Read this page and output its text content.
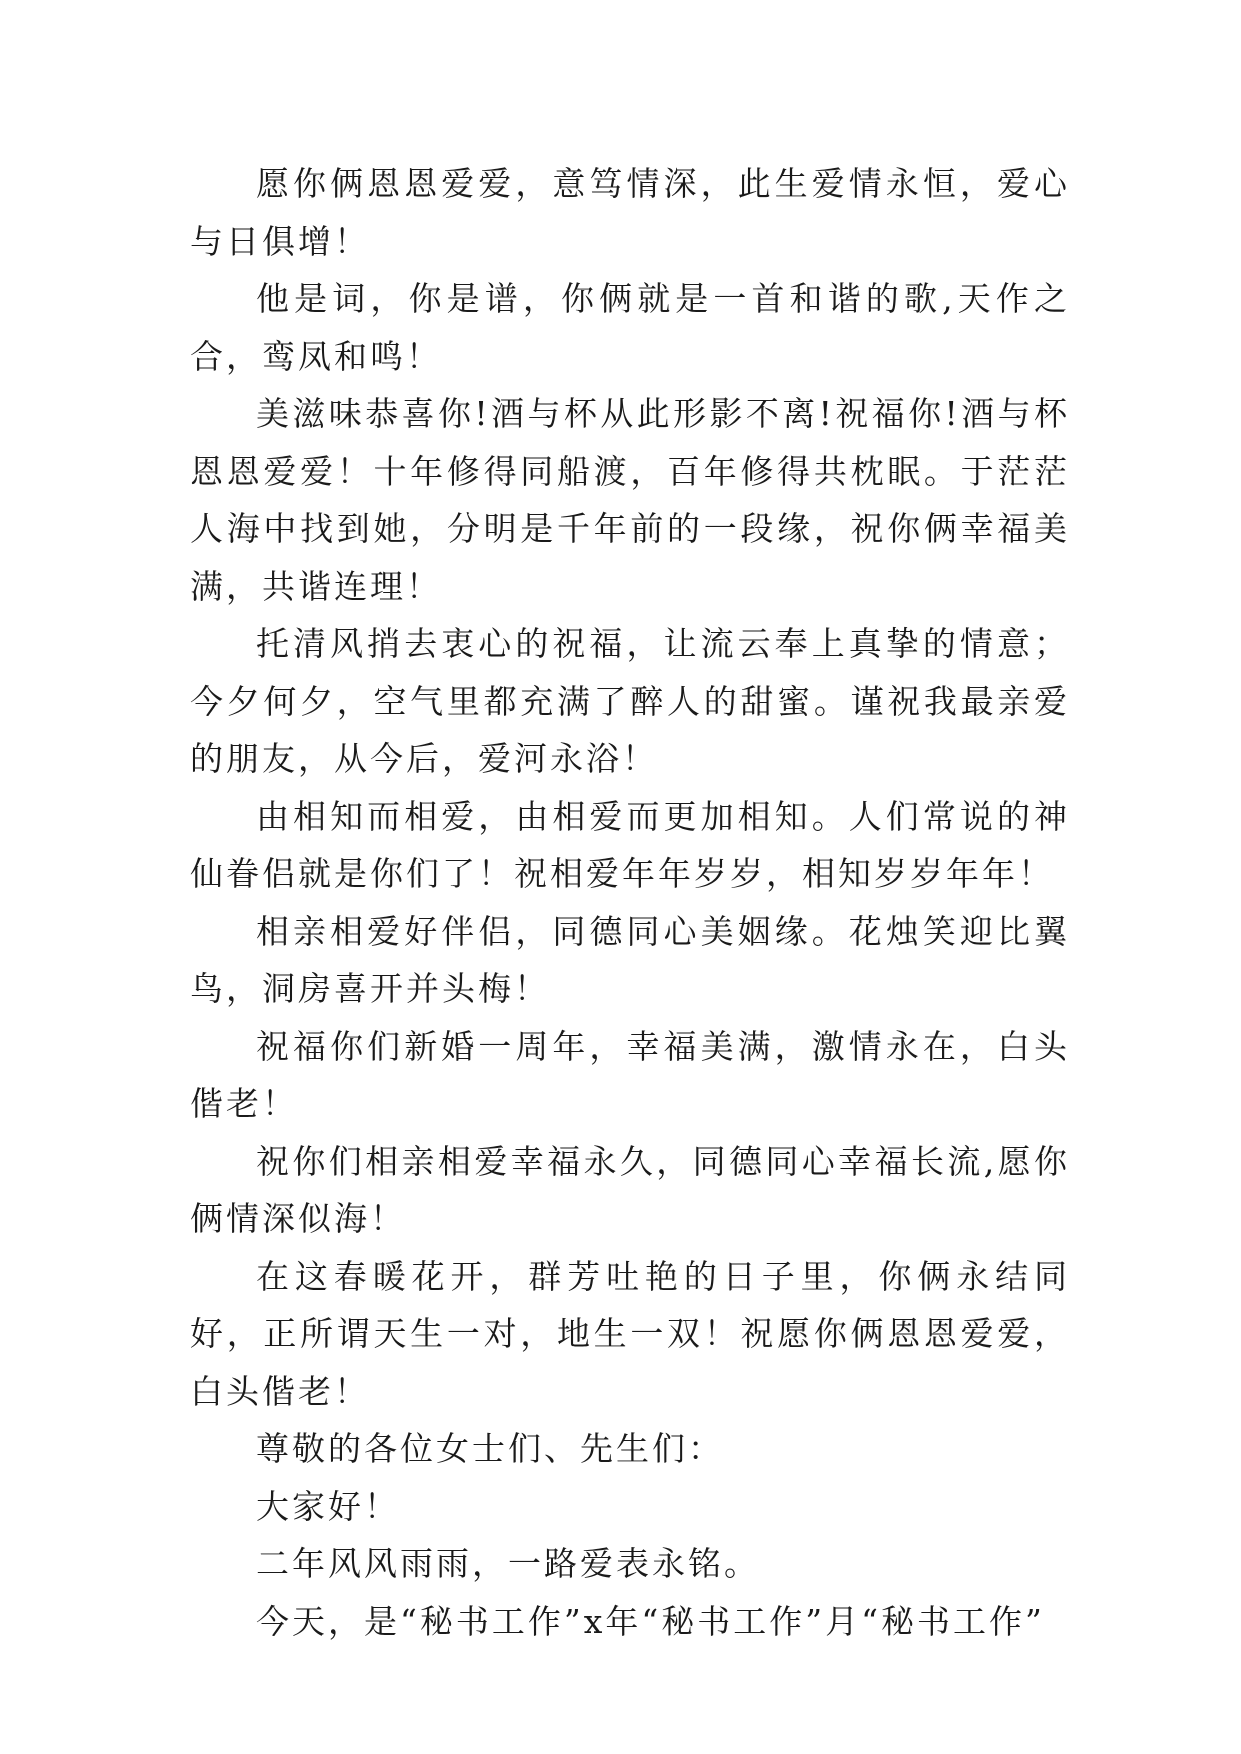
愿你俩恩恩爱爱，意笃情深，此生爱情永恒，爱心与日俱增！

他是词，你是谱，你俩就是一首和谐的歌,天作之合，鸾凤和鸣！

美滋味恭喜你!酒与杯从此形影不离!祝福你!酒与杯恩恩爱爱！十年修得同船渡，百年修得共枕眠。于茫茫人海中找到她，分明是千年前的一段缘，祝你俩幸福美满，共谐连理！

托清风捎去衷心的祝福，让流云奉上真挚的情意；今夕何夕，空气里都充满了醉人的甜蜜。谨祝我最亲爱的朋友，从今后，爱河永浴！

由相知而相爱，由相爱而更加相知。人们常说的神仙眷侣就是你们了！祝相爱年年岁岁，相知岁岁年年！

相亲相爱好伴侣，同德同心美姻缘。花烛笑迎比翼鸟，洞房喜开并头梅！

祝福你们新婚一周年，幸福美满，激情永在，白头偕老！

祝你们相亲相爱幸福永久，同德同心幸福长流,愿你俩情深似海！

在这春暖花开，群芳吐艳的日子里，你俩永结同好，正所谓天生一对，地生一双！祝愿你俩恩恩爱爱，白头偕老！

尊敬的各位女士们、先生们：

大家好！

二年风风雨雨，一路爱表永铭。

今天，是“秘书工作”x年“秘书工作”月“秘书工作”
